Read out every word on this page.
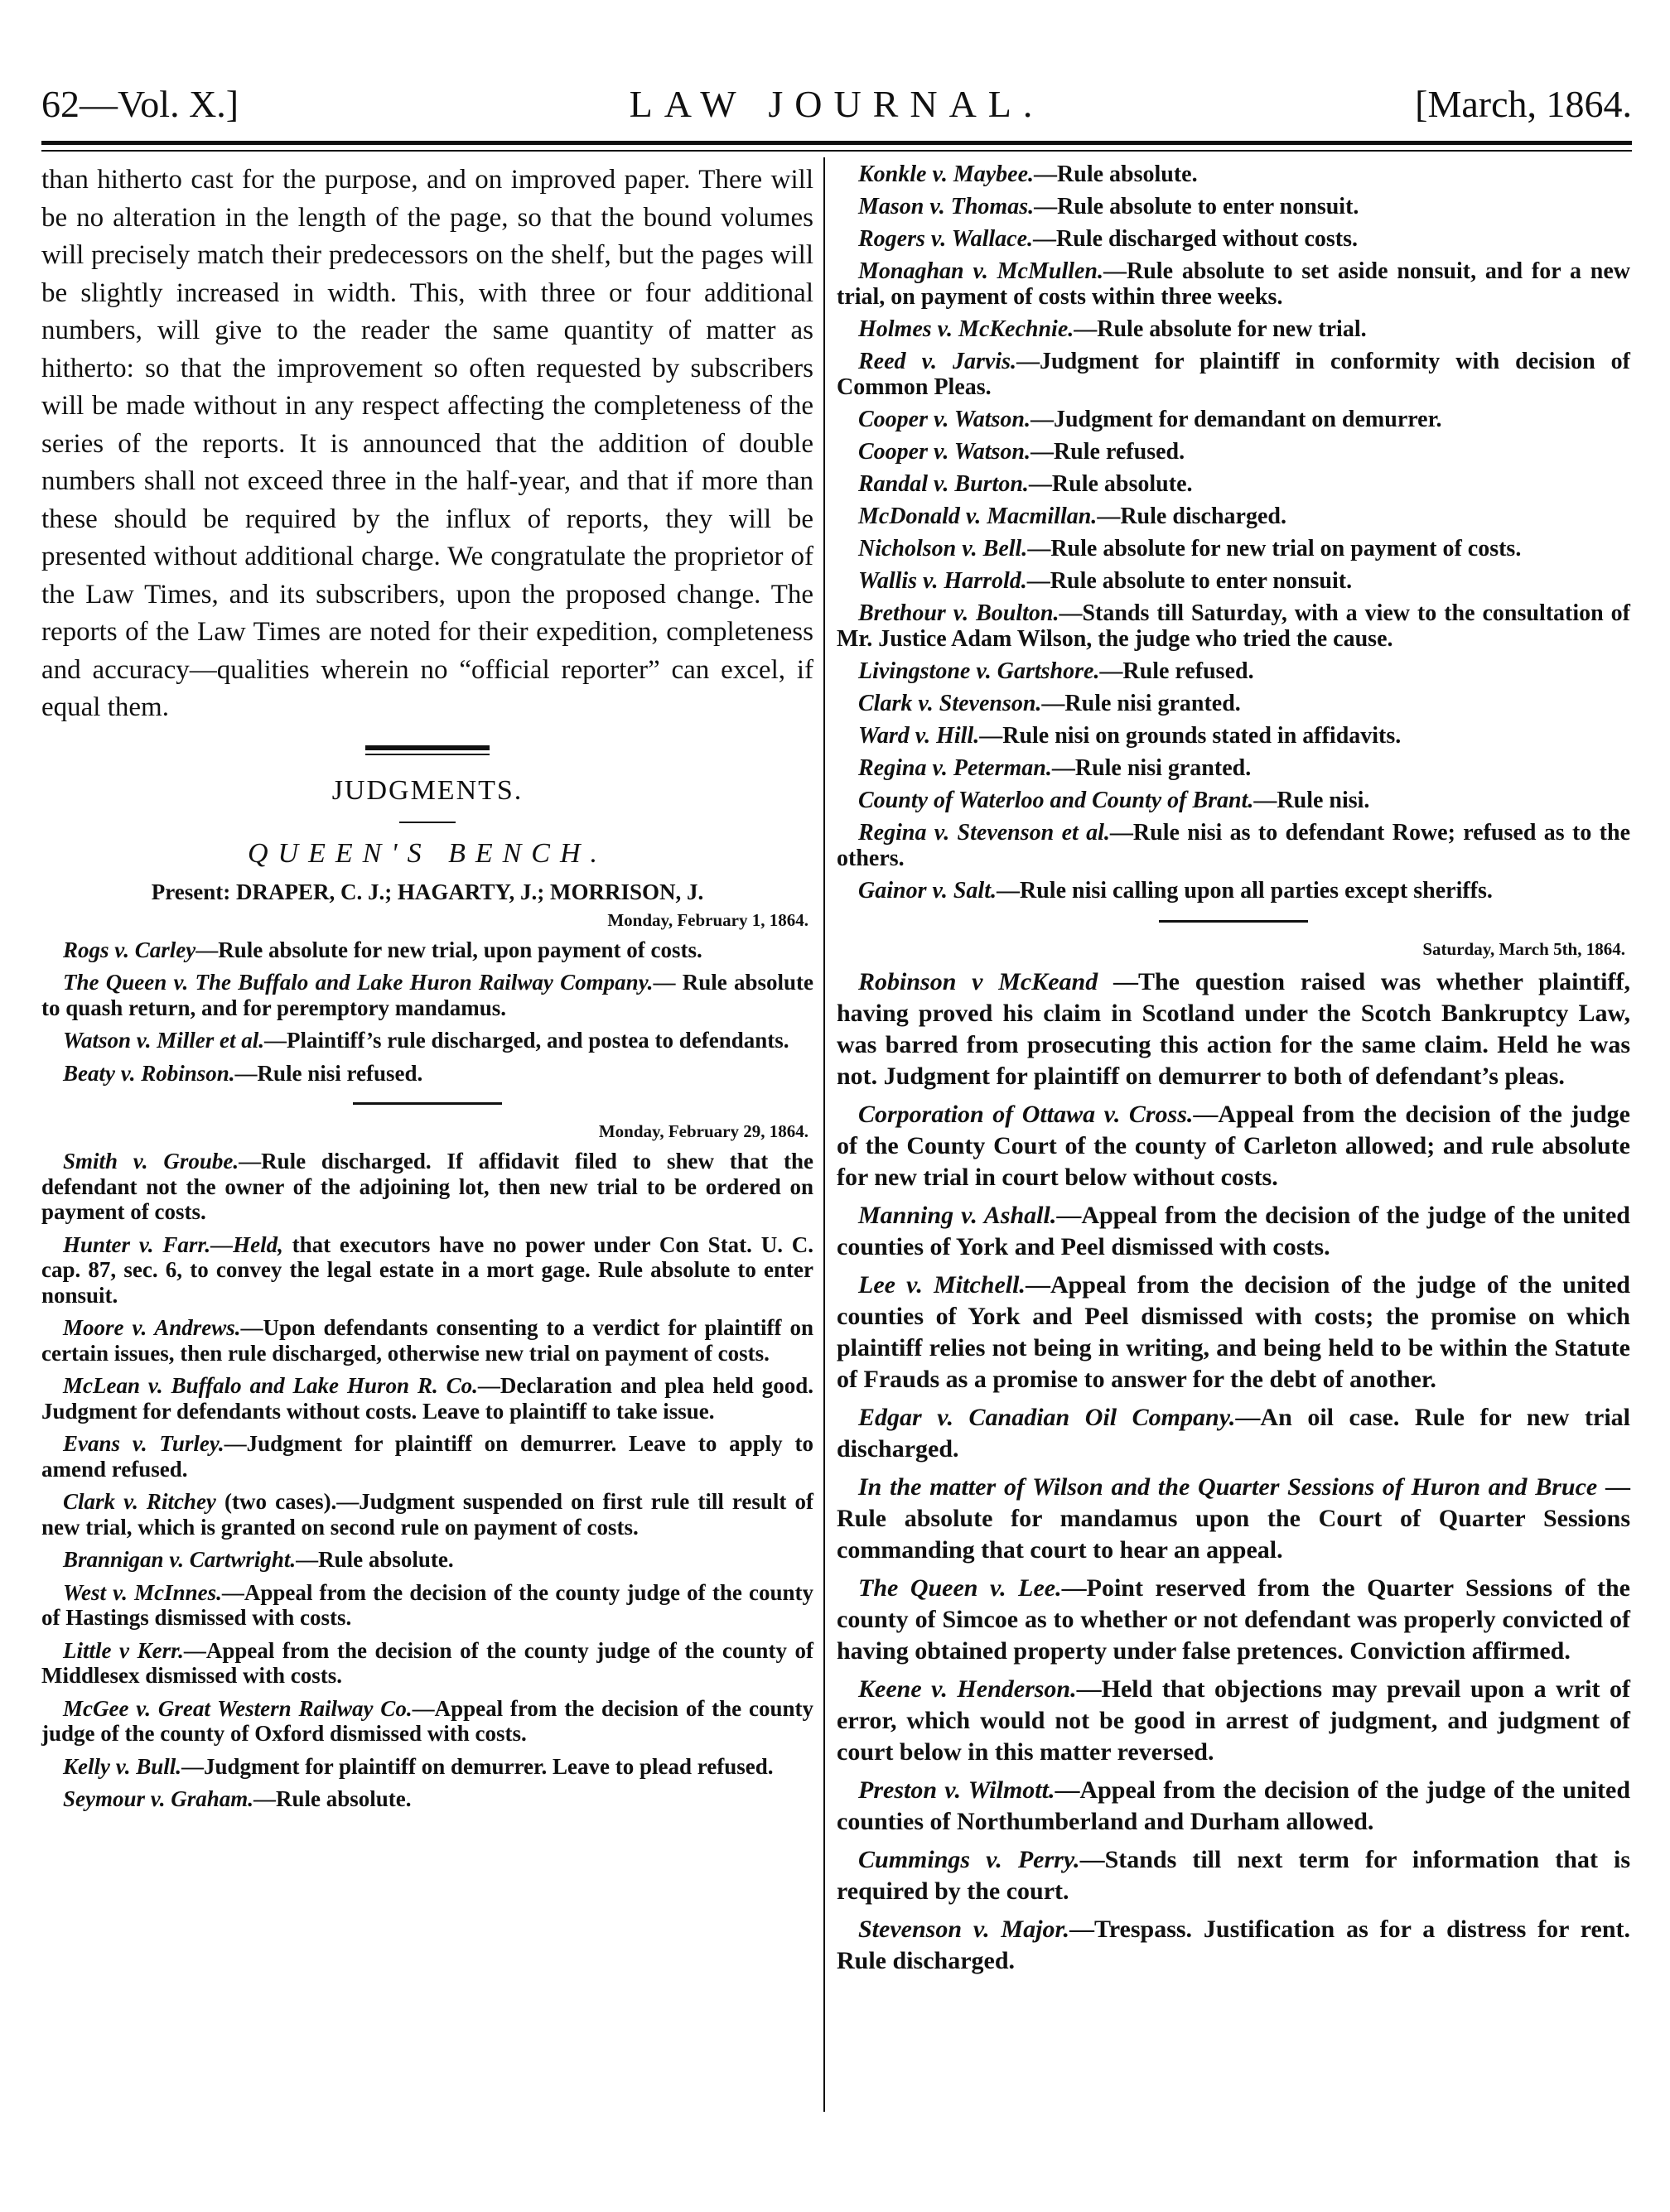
LAW JOURNAL.
62—Vol. X.]	[March, 1864.

than hitherto cast for the purpose, and on improved paper. There will be no alteration in the length of the page, so that the bound volumes will precisely match their predecessors on the shelf, but the pages will be slightly increased in width. This, with three or four additional numbers, will give to the reader the same quantity of matter as hitherto: so that the improvement so often requested by subscribers will be made without in any respect affecting the completeness of the series of the reports. It is announced that the addition of double numbers shall not exceed three in the half-year, and that if more than these should be required by the influx of reports, they will be presented without additional charge. We congratulate the proprietor of the Law Times, and its subscribers, upon the proposed change. The reports of the Law Times are noted for their expedition, completeness and accuracy—qualities wherein no “official reporter” can excel, if equal them.

JUDGMENTS.
QUEEN'S BENCH.
Present: DRAPER, C. J.; HAGARTY, J.; MORRISON, J.
Monday, February 1, 1864.

Rogs v. Carley—Rule absolute for new trial, upon payment of costs.

The Queen v. The Buffalo and Lake Huron Railway Company.— Rule absolute to quash return, and for peremptory mandamus.

Watson v. Miller et al.—Plaintiff’s rule discharged, and postea to defendants.

Beaty v. Robinson.—Rule nisi refused.

Monday, February 29, 1864.

Smith v. Groube.—Rule discharged. If affidavit filed to shew that the defendant not the owner of the adjoining lot, then new trial to be ordered on payment of costs.

Hunter v. Farr.—Held, that executors have no power under Con Stat. U. C. cap. 87, sec. 6, to convey the legal estate in a mort gage. Rule absolute to enter nonsuit.

Moore v. Andrews.—Upon defendants consenting to a verdict for plaintiff on certain issues, then rule discharged, otherwise new trial on payment of costs.

McLean v. Buffalo and Lake Huron R. Co.—Declaration and plea held good. Judgment for defendants without costs. Leave to plaintiff to take issue.

Evans v. Turley.—Judgment for plaintiff on demurrer. Leave to apply to amend refused.

Clark v. Ritchey (two cases).—Judgment suspended on first rule till result of new trial, which is granted on second rule on payment of costs.

Brannigan v. Cartwright.—Rule absolute.

West v. McInnes.—Appeal from the decision of the county judge of the county of Hastings dismissed with costs.

Little v Kerr.—Appeal from the decision of the county judge of the county of Middlesex dismissed with costs.

McGee v. Great Western Railway Co.—Appeal from the decision of the county judge of the county of Oxford dismissed with costs.

Kelly v. Bull.—Judgment for plaintiff on demurrer. Leave to plead refused.

Seymour v. Graham.—Rule absolute.

Konkle v. Maybee.—Rule absolute.

Mason v. Thomas.—Rule absolute to enter nonsuit.

Rogers v. Wallace.—Rule discharged without costs.

Monaghan v. McMullen.—Rule absolute to set aside nonsuit, and for a new trial, on payment of costs within three weeks.

Holmes v. McKechnie.—Rule absolute for new trial.

Reed v. Jarvis.—Judgment for plaintiff in conformity with decision of Common Pleas.

Cooper v. Watson.—Judgment for demandant on demurrer.

Cooper v. Watson.—Rule refused.

Randal v. Burton.—Rule absolute.

McDonald v. Macmillan.—Rule discharged.

Nicholson v. Bell.—Rule absolute for new trial on payment of costs.

Wallis v. Harrold.—Rule absolute to enter nonsuit.

Brethour v. Boulton.—Stands till Saturday, with a view to the consultation of Mr. Justice Adam Wilson, the judge who tried the cause.

Livingstone v. Gartshore.—Rule refused.

Clark v. Stevenson.—Rule nisi granted.

Ward v. Hill.—Rule nisi on grounds stated in affidavits.

Regina v. Peterman.—Rule nisi granted.

County of Waterloo and County of Brant.—Rule nisi.

Regina v. Stevenson et al.—Rule nisi as to defendant Rowe; refused as to the others.

Gainor v. Salt.—Rule nisi calling upon all parties except sheriffs.

Saturday, March 5th, 1864.

Robinson v McKeand —The question raised was whether plaintiff, having proved his claim in Scotland under the Scotch Bankruptcy Law, was barred from prosecuting this action for the same claim. Held he was not. Judgment for plaintiff on demurrer to both of defendant’s pleas.

Corporation of Ottawa v. Cross.—Appeal from the decision of the judge of the County Court of the county of Carleton allowed; and rule absolute for new trial in court below without costs.

Manning v. Ashall.—Appeal from the decision of the judge of the united counties of York and Peel dismissed with costs.

Lee v. Mitchell.—Appeal from the decision of the judge of the united counties of York and Peel dismissed with costs; the promise on which plaintiff relies not being in writing, and being held to be within the Statute of Frauds as a promise to answer for the debt of another.

Edgar v. Canadian Oil Company.—An oil case. Rule for new trial discharged.

In the matter of Wilson and the Quarter Sessions of Huron and Bruce —Rule absolute for mandamus upon the Court of Quarter Sessions commanding that court to hear an appeal.

The Queen v. Lee.—Point reserved from the Quarter Sessions of the county of Simcoe as to whether or not defendant was properly convicted of having obtained property under false pretences. Conviction affirmed.

Keene v. Henderson.—Held that objections may prevail upon a writ of error, which would not be good in arrest of judgment, and judgment of court below in this matter reversed.

Preston v. Wilmott.—Appeal from the decision of the judge of the united counties of Northumberland and Durham allowed.

Cummings v. Perry.—Stands till next term for information that is required by the court.

Stevenson v. Major.—Trespass. Justification as for a distress for rent. Rule discharged.
